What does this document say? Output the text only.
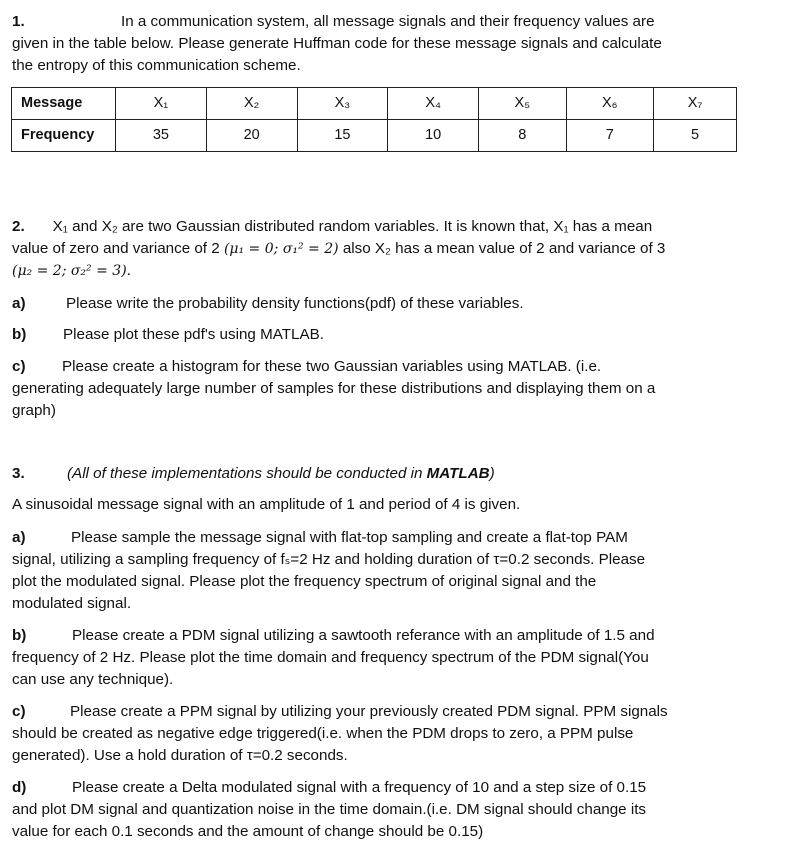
1.	In a communication system, all message signals and their frequency values are
given in the table below. Please generate Huffman code for these message signals and calculate
the entropy of this communication scheme.
Message	X₁	X₂	X₃	X₄	X₅	X₆	X₇
Frequency	35	20	15	10	8	7	5
2. X₁ and X₂ are two Gaussian distributed random variables. It is known that, X₁ has a mean
value of zero and variance of 2 (μ₁ = 0; σ₁² = 2) also X₂ has a mean value of 2 and variance of 3
(μ₂ = 2; σ₂² = 3).
a)	Please write the probability density functions(pdf) of these variables.
b) Please plot these pdf's using MATLAB.
c) Please create a histogram for these two Gaussian variables using MATLAB. (i.e.
generating adequately large number of samples for these distributions and displaying them on a
graph)
3.	(All of these implementations should be conducted in MATLAB)
A sinusoidal message signal with an amplitude of 1 and period of 4 is given.
a)	Please sample the message signal with flat-top sampling and create a flat-top PAM
signal, utilizing a sampling frequency of fₛ=2 Hz and holding duration of τ=0.2 seconds. Please
plot the modulated signal. Please plot the frequency spectrum of original signal and the
modulated signal.
b)	Please create a PDM signal utilizing a sawtooth referance with an amplitude of 1.5 and
frequency of 2 Hz. Please plot the time domain and frequency spectrum of the PDM signal(You
can use any technique).
c)	Please create a PPM signal by utilizing your previously created PDM signal. PPM signals
should be created as negative edge triggered(i.e. when the PDM drops to zero, a PPM pulse
generated). Use a hold duration of τ=0.2 seconds.
d)	Please create a Delta modulated signal with a frequency of 10 and a step size of 0.15
and plot DM signal and quantization noise in the time domain.(i.e. DM signal should change its
value for each 0.1 seconds and the amount of change should be 0.15)
